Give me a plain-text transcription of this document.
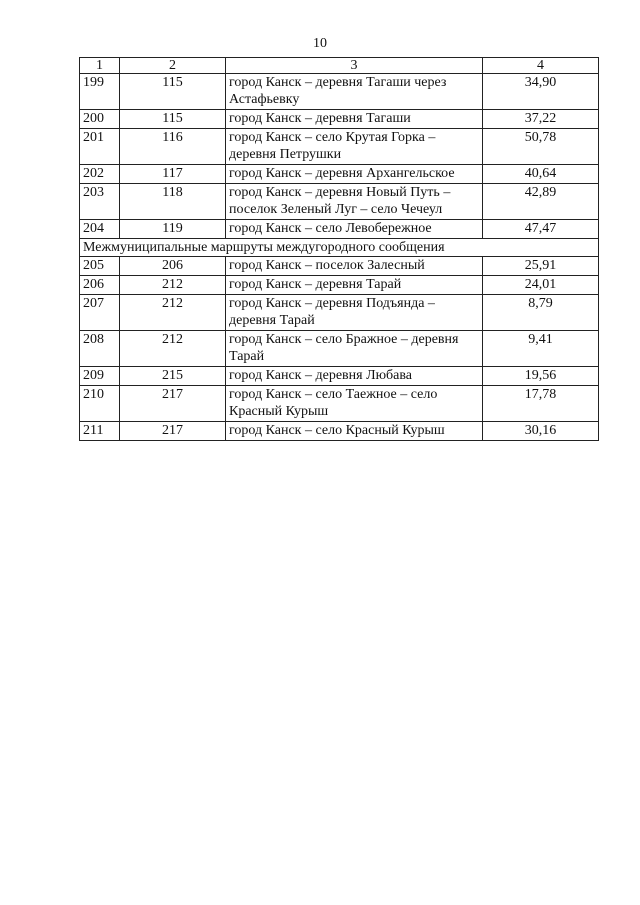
10
1	2	3	4
199	115	город Канск – деревня Тагаши через Астафьевку	34,90
200	115	город Канск – деревня Тагаши	37,22
201	116	город Канск – село Крутая Горка – деревня Петрушки	50,78
202	117	город Канск – деревня Архангельское	40,64
203	118	город Канск – деревня Новый Путь – поселок Зеленый Луг – село Чечеул	42,89
204	119	город Канск – село Левобережное	47,47
Межмуниципальные маршруты междугородного сообщения			
205	206	город Канск – поселок Залесный	25,91
206	212	город Канск – деревня Тарай	24,01
207	212	город Канск – деревня Подъянда – деревня Тарай	8,79
208	212	город Канск – село Бражное – деревня Тарай	9,41
209	215	город Канск – деревня Любава	19,56
210	217	город Канск – село Таежное – село Красный Курыш	17,78
211	217	город Канск – село Красный Курыш	30,16
